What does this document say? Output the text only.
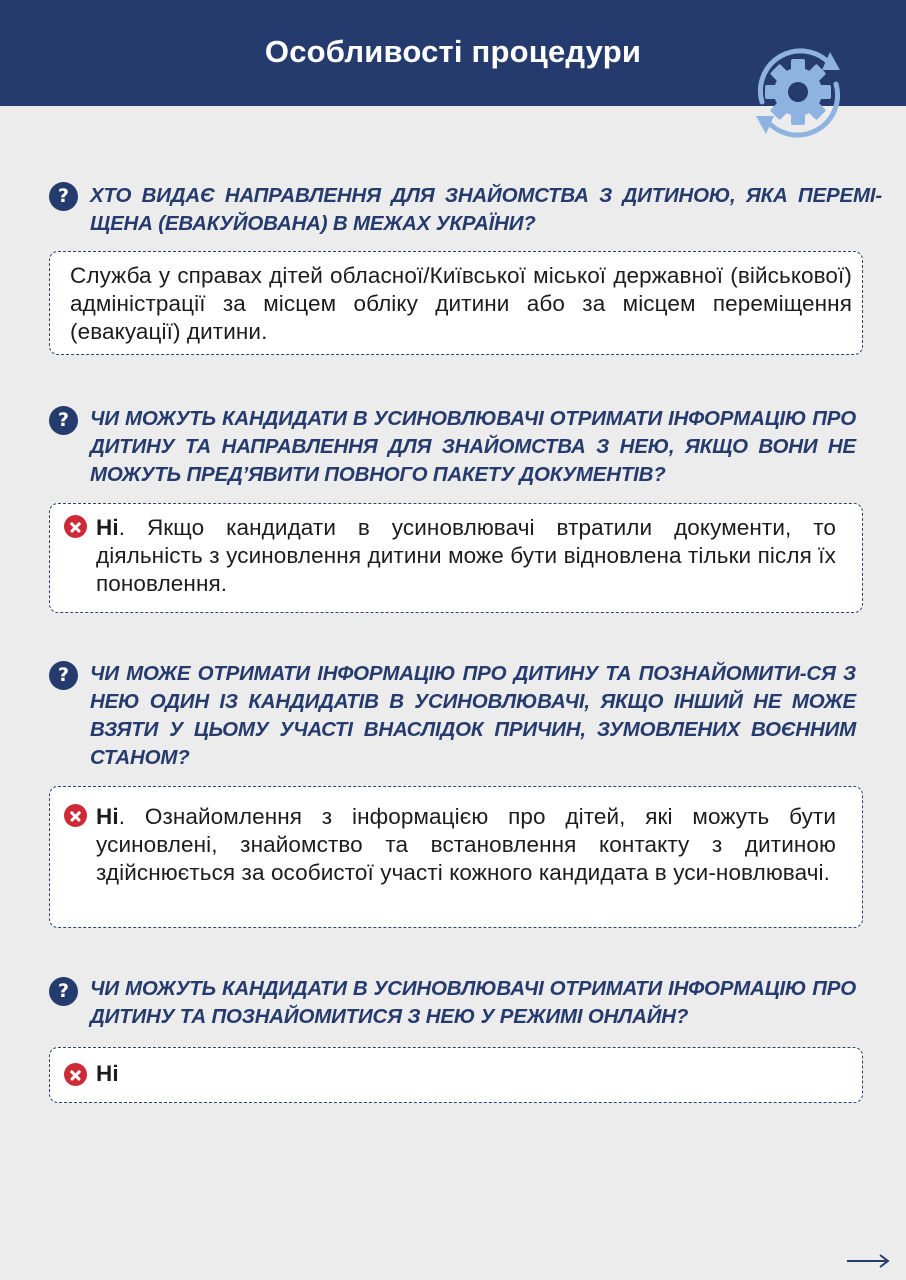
Особливості процедури
?	ХТО ВИДАЄ НАПРАВЛЕННЯ ДЛЯ ЗНАЙОМСТВА З ДИТИНОЮ, ЯКА ПЕРЕМІ-ЩЕНА (ЕВАКУЙОВАНА) В МЕЖАХ УКРАЇНИ?
Служба у справах дітей обласної/Київської міської державної (військової) адміністрації за місцем обліку дитини або за місцем переміщення (евакуації) дитини.
?	ЧИ МОЖУТЬ КАНДИДАТИ В УСИНОВЛЮВАЧІ ОТРИМАТИ ІНФОРМАЦІЮ ПРО ДИТИНУ ТА НАПРАВЛЕННЯ ДЛЯ ЗНАЙОМСТВА З НЕЮ, ЯКЩО ВОНИ НЕ МОЖУТЬ ПРЕД’ЯВИТИ ПОВНОГО ПАКЕТУ ДОКУМЕНТІВ?
Ні. Якщо кандидати в усиновлювачі втратили документи, то діяльність з усиновлення дитини може бути відновлена тільки після їх поновлення.
?	ЧИ МОЖЕ ОТРИМАТИ ІНФОРМАЦІЮ ПРО ДИТИНУ ТА ПОЗНАЙОМИТИ-СЯ З НЕЮ ОДИН ІЗ КАНДИДАТІВ В УСИНОВЛЮВАЧІ, ЯКЩО ІНШИЙ НЕ МОЖЕ ВЗЯТИ У ЦЬОМУ УЧАСТІ ВНАСЛІДОК ПРИЧИН, ЗУМОВЛЕНИХ ВОЄННИМ СТАНОМ?
Ні. Ознайомлення з інформацією про дітей, які можуть бути усиновлені, знайомство та встановлення контакту з дитиною здійснюється за особистої участі кожного кандидата в уси-новлювачі.
?	ЧИ МОЖУТЬ КАНДИДАТИ В УСИНОВЛЮВАЧІ ОТРИМАТИ ІНФОРМАЦІЮ ПРО ДИТИНУ ТА ПОЗНАЙОМИТИСЯ З НЕЮ У РЕЖИМІ ОНЛАЙН?
Ні
